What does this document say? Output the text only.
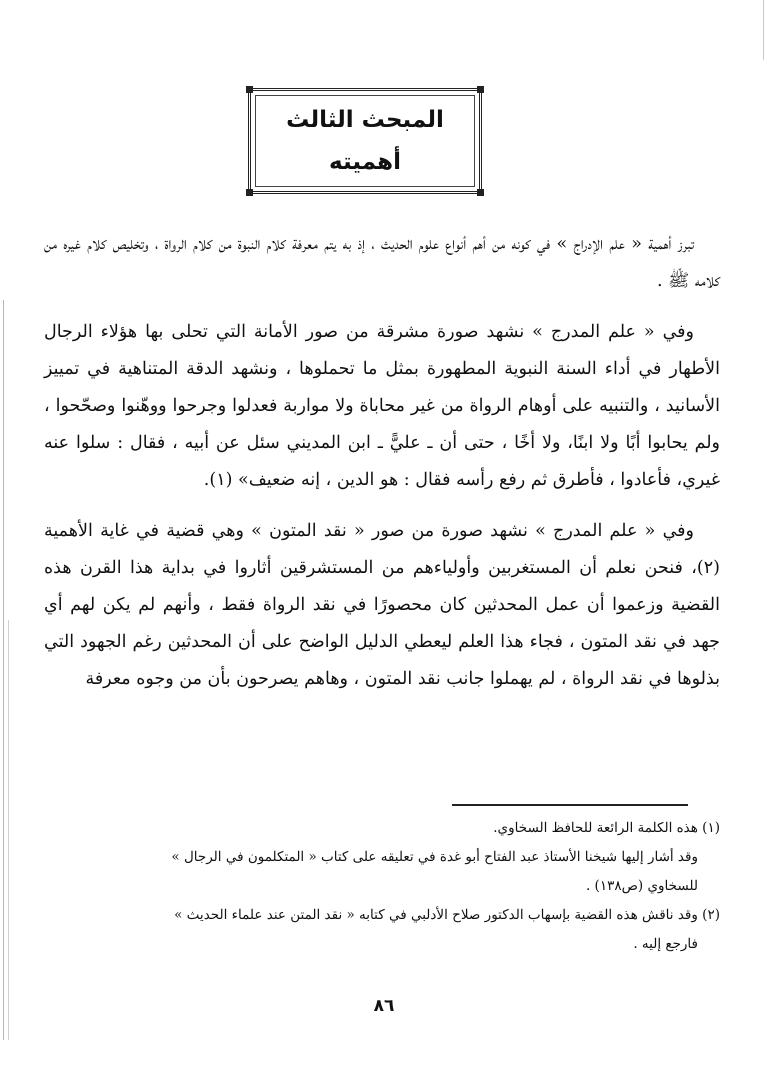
المبحث الثالث
أهميته

تبرز أهمية « علم الإدراج » في كونه من أهم أنواع علوم الحديث ، إذ به يتم معرفة كلام النبوة من كلام الرواة ، وتخليص كلام غيره من كلامه ﷺ .

وفي « علم المدرج » نشهد صورة مشرقة من صور الأمانة التي تحلى بها هؤلاء الرجال الأطهار في أداء السنة النبوية المطهورة بمثل ما تحملوها ، ونشهد الدقة المتناهية في تمييز الأسانيد ، والتنبيه على أوهام الرواة من غير محاباة ولا مواربة فعدلوا وجرحوا ووهّنوا وصحّحوا ، ولم يحابوا أبًا ولا ابنًا، ولا أخًا ، حتى أن ـ عليًّ ـ ابن المديني سئل عن أبيه ، فقال : سلوا عنه غيري، فأعادوا ، فأطرق ثم رفع رأسه فقال : هو الدين ، إنه ضعيف» (١).

وفي « علم المدرج » نشهد صورة من صور « نقد المتون » وهي قضية في غاية الأهمية (٢)، فنحن نعلم أن المستغربين وأولياءهم من المستشرقين أثاروا في بداية هذا القرن هذه القضية وزعموا أن عمل المحدثين كان محصورًا في نقد الرواة فقط ، وأنهم لم يكن لهم أي جهد في نقد المتون ، فجاء هذا العلم ليعطي الدليل الواضح على أن المحدثين رغم الجهود التي بذلوها في نقد الرواة ، لم يهملوا جانب نقد المتون ، وهاهم يصرحون بأن من وجوه معرفة

(١) هذه الكلمة الرائعة للحافظ السخاوي.

وقد أشار إليها شيخنا الأستاذ عبد الفتاح أبو غدة في تعليقه على كتاب « المتكلمون في الرجال »

للسخاوي (ص١٣٨) .

(٢) وقد ناقش هذه القضية بإسهاب الدكتور صلاح الأدلبي في كتابه « نقد المتن عند علماء الحديث »

فارجع إليه .

٨٦
